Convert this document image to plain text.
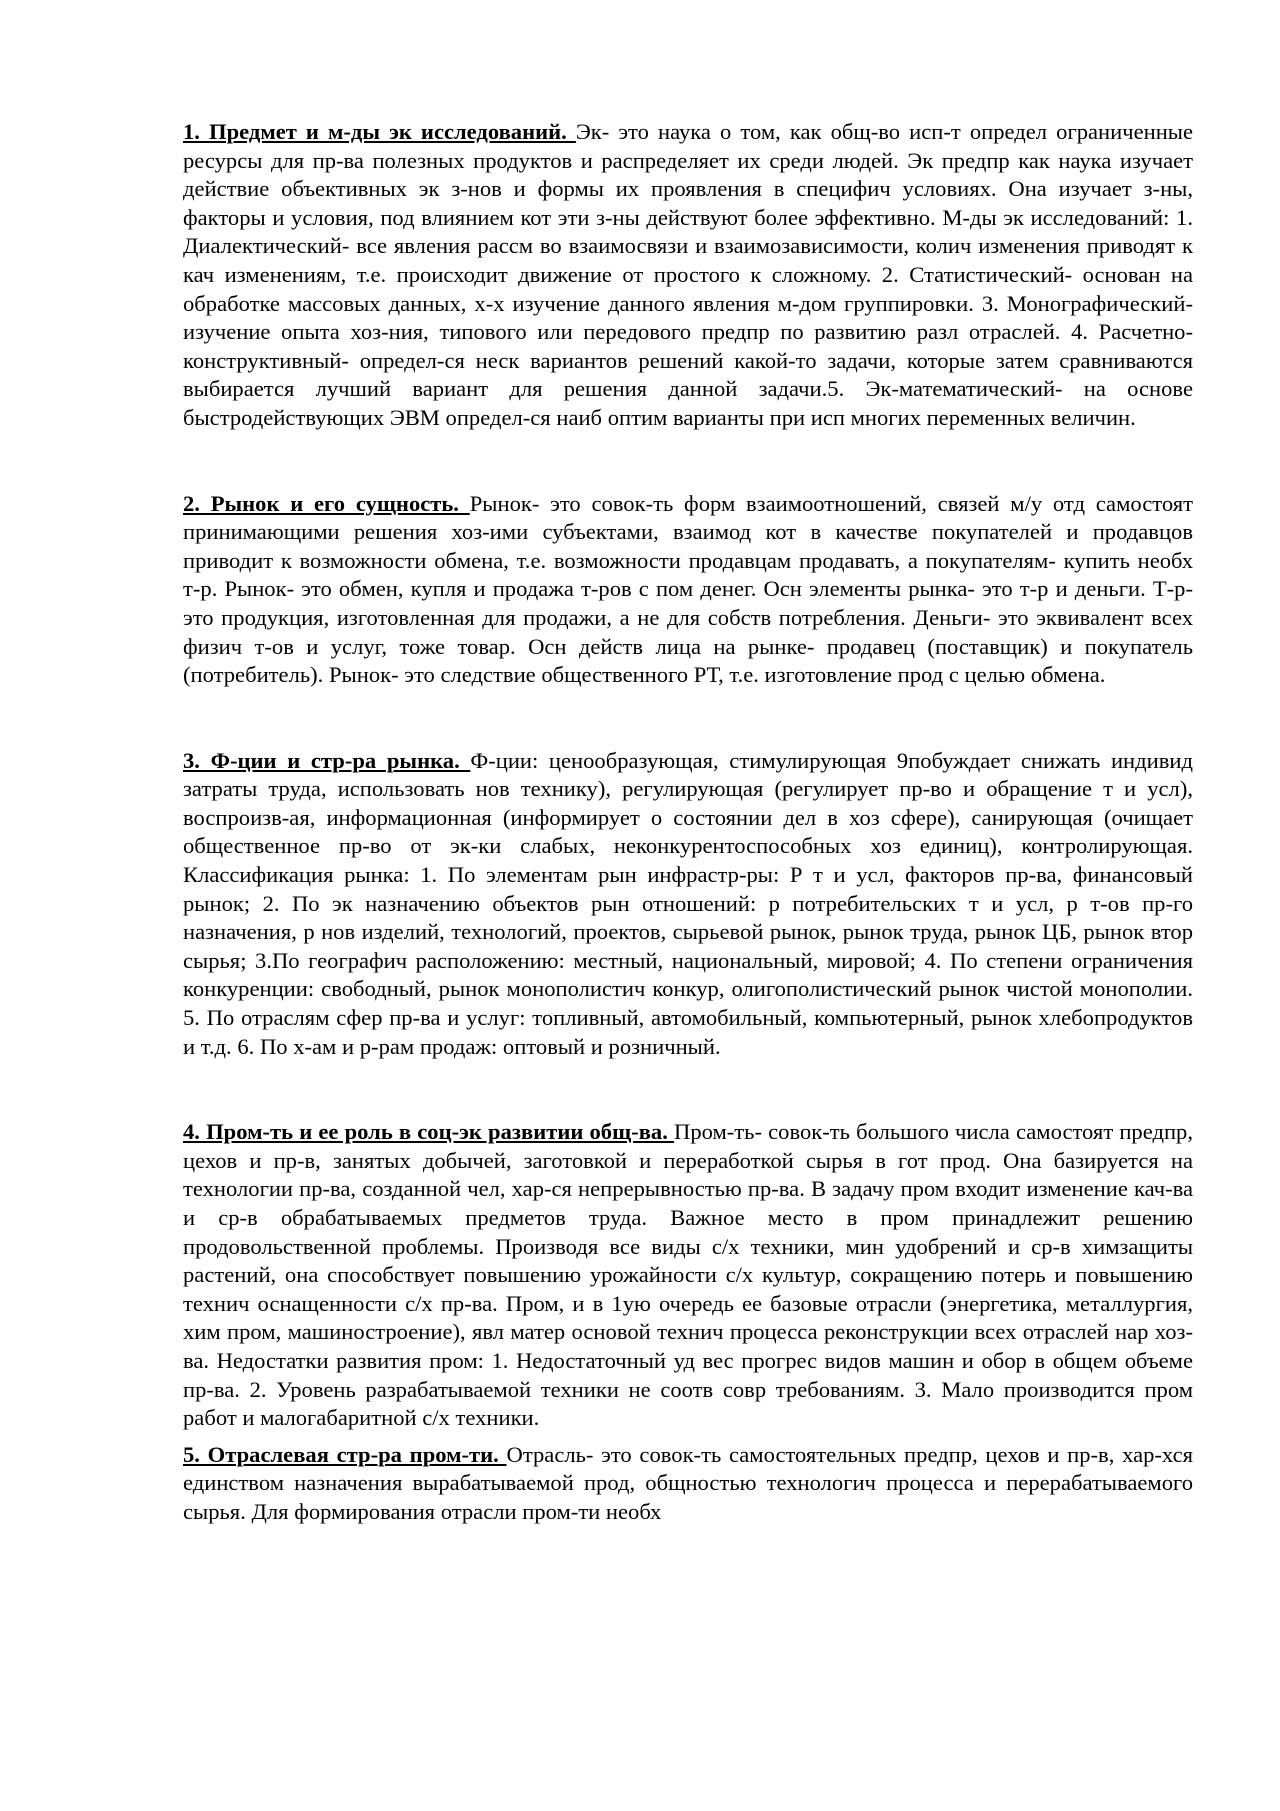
1. Предмет и м-ды эк исследований. Эк- это наука о том, как общ-во исп-т определ ограниченные ресурсы для пр-ва полезных продуктов и распределяет их среди людей. Эк предпр как наука изучает действие объективных эк з-нов и формы их проявления в специфич условиях. Она изучает з-ны, факторы и условия, под влиянием кот эти з-ны действуют более эффективно. М-ды эк исследований: 1. Диалектический- все явления рассм во взаимосвязи и взаимозависимости, колич изменения приводят к кач изменениям, т.е. происходит движение от простого к сложному. 2. Статистический- основан на обработке массовых данных, х-х изучение данного явления м-дом группировки. 3. Монографический- изучение опыта хоз-ния, типового или передового предпр по развитию разл отраслей. 4. Расчетно-конструктивный- определ-ся неск вариантов решений какой-то задачи, которые затем сравниваются выбирается лучший вариант для решения данной задачи.5. Эк-математический- на основе быстродействующих ЭВМ определ-ся наиб оптим варианты при исп многих переменных величин.

2. Рынок и его сущность. Рынок- это совок-ть форм взаимоотношений, связей м/у отд самостоят принимающими решения хоз-ими субъектами, взаимод кот в качестве покупателей и продавцов приводит к возможности обмена, т.е. возможности продавцам продавать, а покупателям- купить необх т-р. Рынок- это обмен, купля и продажа т-ров с пом денег. Осн элементы рынка- это т-р и деньги. Т-р- это продукция, изготовленная для продажи, а не для собств потребления. Деньги- это эквивалент всех физич т-ов и услуг, тоже товар. Осн действ лица на рынке- продавец (поставщик) и покупатель (потребитель). Рынок- это следствие общественного РТ, т.е. изготовление прод с целью обмена.

3. Ф-ции и стр-ра рынка. Ф-ции: ценообразующая, стимулирующая 9побуждает снижать индивид затраты труда, использовать нов технику), регулирующая (регулирует пр-во и обращение т и усл), воспроизв-ая, информационная (информирует о состоянии дел в хоз сфере), санирующая (очищает общественное пр-во от эк-ки слабых, неконкурентоспособных хоз единиц), контролирующая. Классификация рынка: 1. По элементам рын инфрастр-ры: Р т и усл, факторов пр-ва, финансовый рынок; 2. По эк назначению объектов рын отношений: р потребительских т и усл, р т-ов пр-го назначения, р нов изделий, технологий, проектов, сырьевой рынок, рынок труда, рынок ЦБ, рынок втор сырья; 3.По географич расположению: местный, национальный, мировой; 4. По степени ограничения конкуренции: свободный, рынок монополистич конкур, олигополистический рынок чистой монополии. 5. По отраслям сфер пр-ва и услуг: топливный, автомобильный, компьютерный, рынок хлебопродуктов и т.д. 6. По х-ам и р-рам продаж: оптовый и розничный.

4. Пром-ть и ее роль в соц-эк развитии общ-ва. Пром-ть- совок-ть большого числа самостоят предпр, цехов и пр-в, занятых добычей, заготовкой и переработкой сырья в гот прод. Она базируется на технологии пр-ва, созданной чел, хар-ся непрерывностью пр-ва. В задачу пром входит изменение кач-ва и ср-в обрабатываемых предметов труда. Важное место в пром принадлежит решению продовольственной проблемы. Производя все виды с/х техники, мин удобрений и ср-в химзащиты растений, она способствует повышению урожайности с/х культур, сокращению потерь и повышению технич оснащенности с/х пр-ва. Пром, и в 1ую очередь ее базовые отрасли (энергетика, металлургия, хим пром, машиностроение), явл матер основой технич процесса реконструкции всех отраслей нар хоз-ва. Недостатки развития пром: 1. Недостаточный уд вес прогрес видов машин и обор в общем объеме пр-ва. 2. Уровень разрабатываемой техники не соотв совр требованиям. 3. Мало производится пром работ и малогабаритной с/х техники.

5. Отраслевая стр-ра пром-ти. Отрасль- это совок-ть самостоятельных предпр, цехов и пр-в, хар-хся единством назначения вырабатываемой прод, общностью технологич процесса и перерабатываемого сырья. Для формирования отрасли пром-ти необх
